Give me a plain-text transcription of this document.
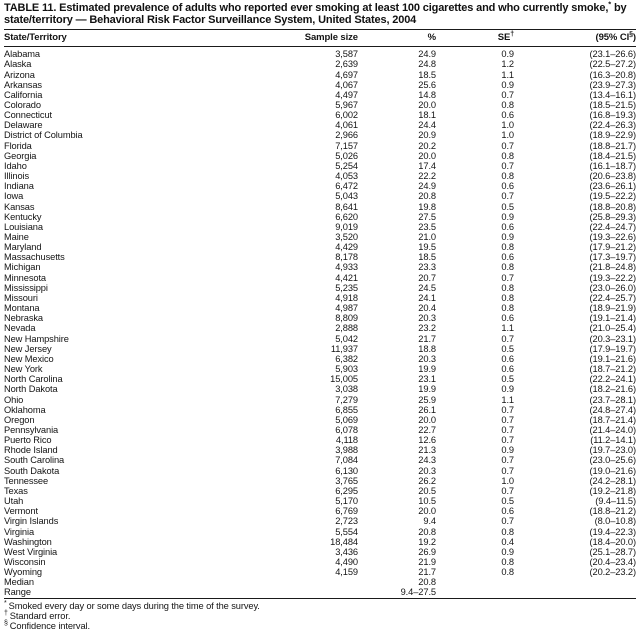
TABLE 11. Estimated prevalence of adults who reported ever smoking at least 100 cigarettes and who currently smoke,* by state/territory — Behavioral Risk Factor Surveillance System, United States, 2004
State/Territory	Sample size	%	SE†	(95% CI§)
Alabama	3,587	24.9	0.9	(23.1–26.6)
Alaska	2,639	24.8	1.2	(22.5–27.2)
Arizona	4,697	18.5	1.1	(16.3–20.8)
Arkansas	4,067	25.6	0.9	(23.9–27.3)
California	4,497	14.8	0.7	(13.4–16.1)
Colorado	5,967	20.0	0.8	(18.5–21.5)
Connecticut	6,002	18.1	0.6	(16.8–19.3)
Delaware	4,061	24.4	1.0	(22.4–26.3)
District of Columbia	2,966	20.9	1.0	(18.9–22.9)
Florida	7,157	20.2	0.7	(18.8–21.7)
Georgia	5,026	20.0	0.8	(18.4–21.5)
Idaho	5,254	17.4	0.7	(16.1–18.7)
Illinois	4,053	22.2	0.8	(20.6–23.8)
Indiana	6,472	24.9	0.6	(23.6–26.1)
Iowa	5,043	20.8	0.7	(19.5–22.2)
Kansas	8,641	19.8	0.5	(18.8–20.8)
Kentucky	6,620	27.5	0.9	(25.8–29.3)
Louisiana	9,019	23.5	0.6	(22.4–24.7)
Maine	3,520	21.0	0.9	(19.3–22.6)
Maryland	4,429	19.5	0.8	(17.9–21.2)
Massachusetts	8,178	18.5	0.6	(17.3–19.7)
Michigan	4,933	23.3	0.8	(21.8–24.8)
Minnesota	4,421	20.7	0.7	(19.3–22.2)
Mississippi	5,235	24.5	0.8	(23.0–26.0)
Missouri	4,918	24.1	0.8	(22.4–25.7)
Montana	4,987	20.4	0.8	(18.9–21.9)
Nebraska	8,809	20.3	0.6	(19.1–21.4)
Nevada	2,888	23.2	1.1	(21.0–25.4)
New Hampshire	5,042	21.7	0.7	(20.3–23.1)
New Jersey	11,937	18.8	0.5	(17.9–19.7)
New Mexico	6,382	20.3	0.6	(19.1–21.6)
New York	5,903	19.9	0.6	(18.7–21.2)
North Carolina	15,005	23.1	0.5	(22.2–24.1)
North Dakota	3,038	19.9	0.9	(18.2–21.6)
Ohio	7,279	25.9	1.1	(23.7–28.1)
Oklahoma	6,855	26.1	0.7	(24.8–27.4)
Oregon	5,069	20.0	0.7	(18.7–21.4)
Pennsylvania	6,078	22.7	0.7	(21.4–24.0)
Puerto Rico	4,118	12.6	0.7	(11.2–14.1)
Rhode Island	3,988	21.3	0.9	(19.7–23.0)
South Carolina	7,084	24.3	0.7	(23.0–25.6)
South Dakota	6,130	20.3	0.7	(19.0–21.6)
Tennessee	3,765	26.2	1.0	(24.2–28.1)
Texas	6,295	20.5	0.7	(19.2–21.8)
Utah	5,170	10.5	0.5	(9.4–11.5)
Vermont	6,769	20.0	0.6	(18.8–21.2)
Virgin Islands	2,723	9.4	0.7	(8.0–10.8)
Virginia	5,554	20.8	0.8	(19.4–22.3)
Washington	18,484	19.2	0.4	(18.4–20.0)
West Virginia	3,436	26.9	0.9	(25.1–28.7)
Wisconsin	4,490	21.9	0.8	(20.4–23.4)
Wyoming	4,159	21.7	0.8	(20.2–23.2)
Median		20.8		
Range		9.4–27.5		
* Smoked every day or some days during the time of the survey.
† Standard error.
§ Confidence interval.
